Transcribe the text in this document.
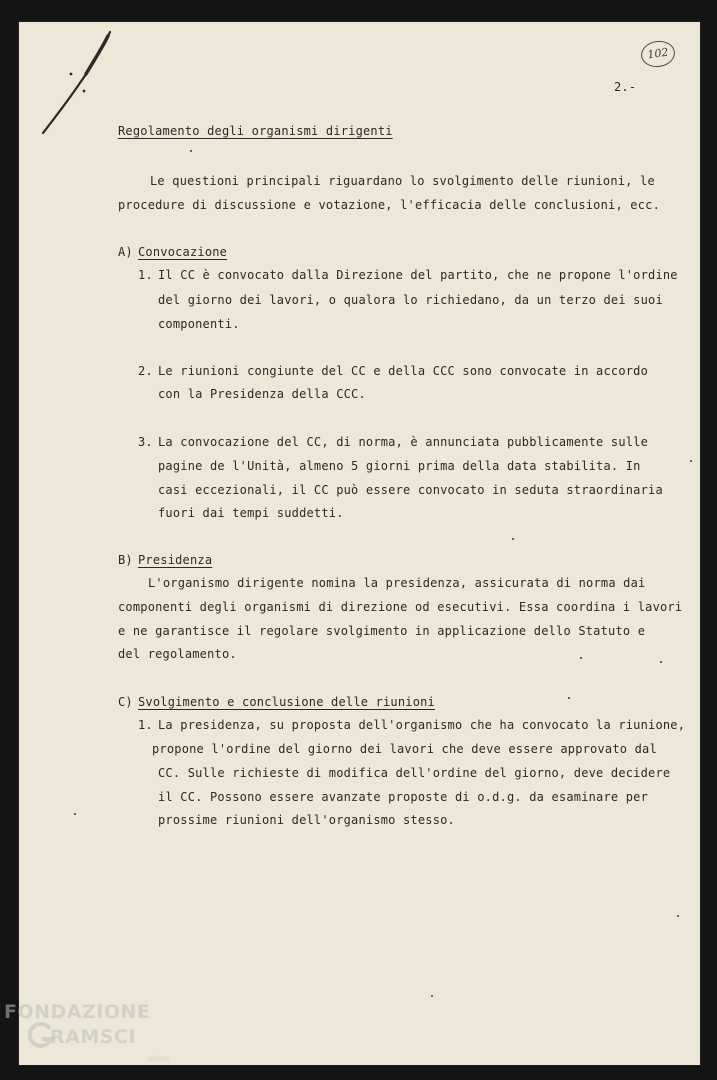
102
2.-
Regolamento degli organismi dirigenti
Le questioni principali riguardano lo svolgimento delle riunioni, le
procedure di discussione e votazione, l'efficacia delle conclusioni, ecc.
A) Convocazione
1. Il CC è convocato dalla Direzione del partito, che ne propone l'ordine
del giorno dei lavori, o qualora lo richiedano, da un terzo dei suoi
componenti.
2. Le riunioni congiunte del CC e della CCC sono convocate in accordo
con la Presidenza della CCC.
3. La convocazione del CC, di norma, è annunciata pubblicamente sulle
pagine de l'Unità, almeno 5 giorni prima della data stabilita. In
casi eccezionali, il CC può essere convocato in seduta straordinaria
fuori dai tempi suddetti.
B) Presidenza
L'organismo dirigente nomina la presidenza, assicurata di norma dai
componenti degli organismi di direzione od esecutivi. Essa coordina i lavori
e ne garantisce il regolare svolgimento in applicazione dello Statuto e
del regolamento.
C) Svolgimento e conclusione delle riunioni
1. La presidenza, su proposta dell'organismo che ha convocato la riunione,
propone l'ordine del giorno dei lavori che deve essere approvato dal
CC. Sulle richieste di modifica dell'ordine del giorno, deve decidere
il CC. Possono essere avanzate proposte di o.d.g. da esaminare per
prossime riunioni dell'organismo stesso.
FONDAZIONE
RAMSCI
onlus
